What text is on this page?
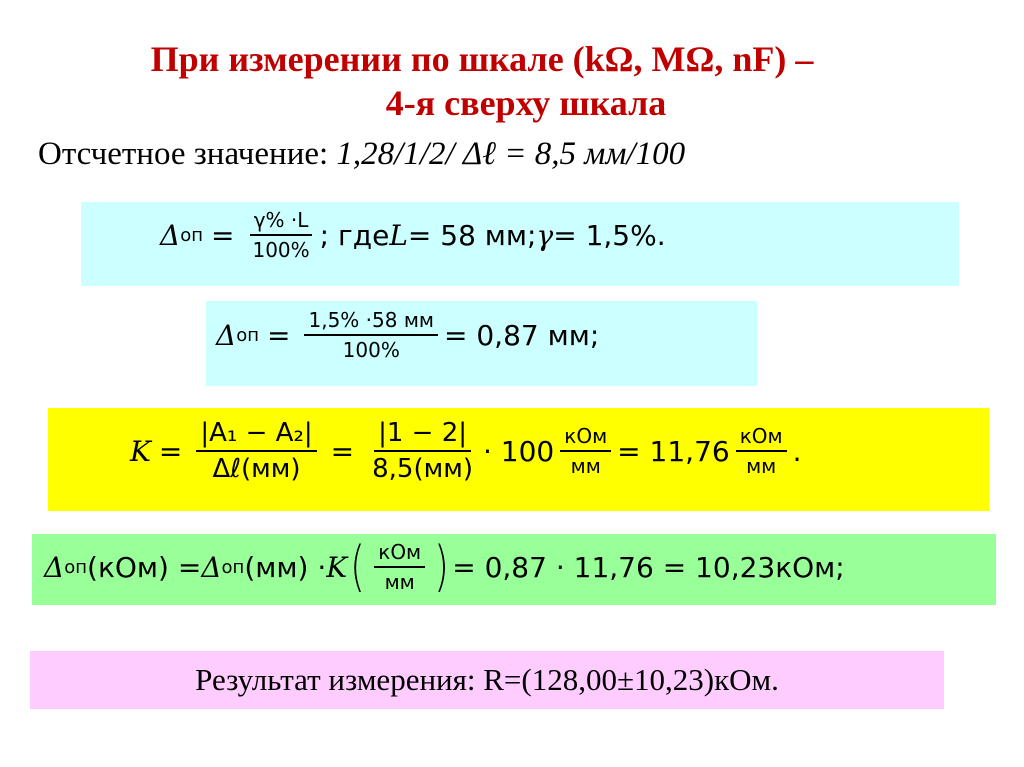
При измерении по шкале (kΩ, MΩ, nF) –
4-я сверху шкала
Отсчетное значение: 1,28/1/2/ Δℓ = 8,5 мм/100
Δ оп = $\frac{\gamma\% \cdot L}{100\%}$ ; где L = 58 мм; γ = 1,5%.
Δ оп = $\frac{1,5\% \cdot 58 мм}{100\%} = 0,87$ мм;
$K = \frac{\text{|A₁ − A₂|}}{\text{Δℓ(мм)}} = \frac{|1 - 2|}{8,5(мм)} \cdot 100 \frac{\text{кОм}}{мм} = 11,76 \frac{\text{кОм}}{мм}$ .
Δ оп (кОм) = Δ оп (мм) · K ( $\frac{\text{кОм}}{мм}$ ) = 0,87 · 11,76 = 10,23кОм;
Результат измерения: R=(128,00±10,23)кОм.
